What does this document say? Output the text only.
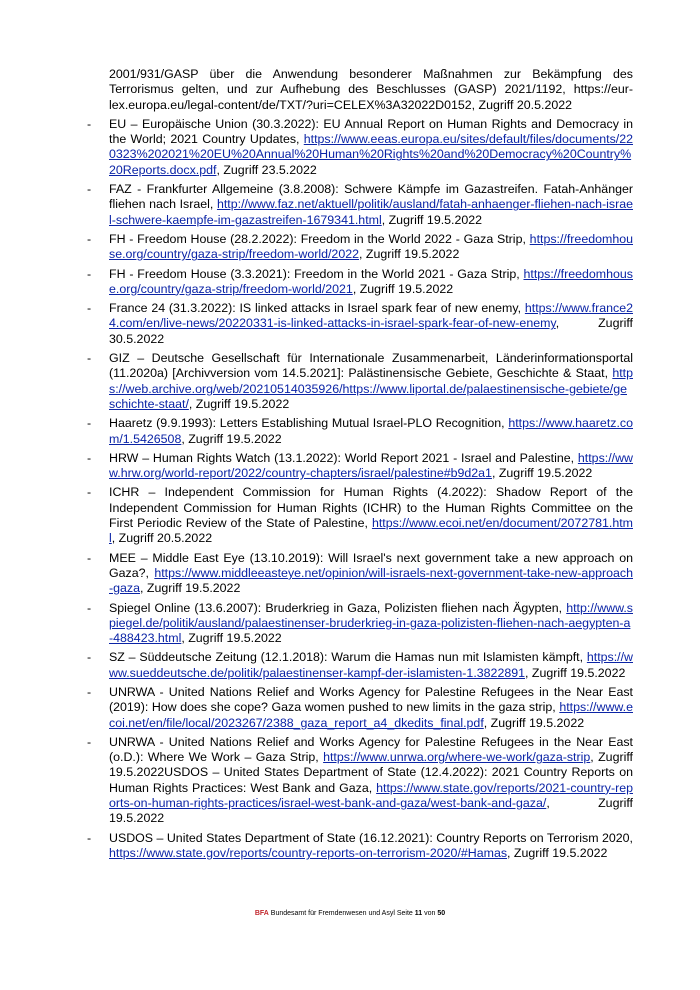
2001/931/GASP über die Anwendung besonderer Maßnahmen zur Bekämpfung des Terrorismus gelten, und zur Aufhebung des Beschlusses (GASP) 2021/1192, https://eur-lex.europa.eu/legal-content/de/TXT/?uri=CELEX%3A32022D0152, Zugriff 20.5.2022
- EU – Europäische Union (30.3.2022): EU Annual Report on Human Rights and Democracy in the World; 2021 Country Updates, https://www.eeas.europa.eu/sites/default/files/documents/220323%202021%20EU%20Annual%20Human%20Rights%20and%20Democracy%20Country%20Reports.docx.pdf, Zugriff 23.5.2022
- FAZ - Frankfurter Allgemeine (3.8.2008): Schwere Kämpfe im Gazastreifen. Fatah-Anhänger fliehen nach Israel, http://www.faz.net/aktuell/politik/ausland/fatah-anhaenger-fliehen-nach-israel-schwere-kaempfe-im-gazastreifen-1679341.html, Zugriff 19.5.2022
- FH - Freedom House (28.2.2022): Freedom in the World 2022 - Gaza Strip, https://freedomhouse.org/country/gaza-strip/freedom-world/2022, Zugriff 19.5.2022
- FH - Freedom House (3.3.2021): Freedom in the World 2021 - Gaza Strip, https://freedomhouse.org/country/gaza-strip/freedom-world/2021, Zugriff 19.5.2022
- France 24 (31.3.2022): IS linked attacks in Israel spark fear of new enemy, https://www.france24.com/en/live-news/20220331-is-linked-attacks-in-israel-spark-fear-of-new-enemy, Zugriff 30.5.2022
- GIZ – Deutsche Gesellschaft für Internationale Zusammenarbeit, Länderinformationsportal (11.2020a) [Archivversion vom 14.5.2021]: Palästinensische Gebiete, Geschichte & Staat, https://web.archive.org/web/20210514035926/https://www.liportal.de/palaestinensische-gebiete/geschichte-staat/, Zugriff 19.5.2022
- Haaretz (9.9.1993): Letters Establishing Mutual Israel-PLO Recognition, https://www.haaretz.com/1.5426508, Zugriff 19.5.2022
- HRW – Human Rights Watch (13.1.2022): World Report 2021 - Israel and Palestine, https://www.hrw.org/world-report/2022/country-chapters/israel/palestine#b9d2a1, Zugriff 19.5.2022
- ICHR – Independent Commission for Human Rights (4.2022): Shadow Report of the Independent Commission for Human Rights (ICHR) to the Human Rights Committee on the First Periodic Review of the State of Palestine, https://www.ecoi.net/en/document/2072781.html, Zugriff 20.5.2022
- MEE – Middle East Eye (13.10.2019): Will Israel's next government take a new approach on Gaza?, https://www.middleeasteye.net/opinion/will-israels-next-government-take-new-approach-gaza, Zugriff 19.5.2022
- Spiegel Online (13.6.2007): Bruderkrieg in Gaza, Polizisten fliehen nach Ägypten, http://www.spiegel.de/politik/ausland/palaestinenser-bruderkrieg-in-gaza-polizisten-fliehen-nach-aegypten-a-488423.html, Zugriff 19.5.2022
- SZ – Süddeutsche Zeitung (12.1.2018): Warum die Hamas nun mit Islamisten kämpft, https://www.sueddeutsche.de/politik/palaestinenser-kampf-der-islamisten-1.3822891, Zugriff 19.5.2022
- UNRWA - United Nations Relief and Works Agency for Palestine Refugees in the Near East (2019): How does she cope? Gaza women pushed to new limits in the gaza strip, https://www.ecoi.net/en/file/local/2023267/2388_gaza_report_a4_dkedits_final.pdf, Zugriff 19.5.2022
- UNRWA - United Nations Relief and Works Agency for Palestine Refugees in the Near East (o.D.): Where We Work – Gaza Strip, https://www.unrwa.org/where-we-work/gaza-strip, Zugriff 19.5.2022USDOS – United States Department of State (12.4.2022): 2021 Country Reports on Human Rights Practices: West Bank and Gaza, https://www.state.gov/reports/2021-country-reports-on-human-rights-practices/israel-west-bank-and-gaza/west-bank-and-gaza/, Zugriff 19.5.2022
- USDOS – United States Department of State (16.12.2021): Country Reports on Terrorism 2020, https://www.state.gov/reports/country-reports-on-terrorism-2020/#Hamas, Zugriff 19.5.2022
BFA Bundesamt für Fremdenwesen und Asyl Seite 11 von 50
